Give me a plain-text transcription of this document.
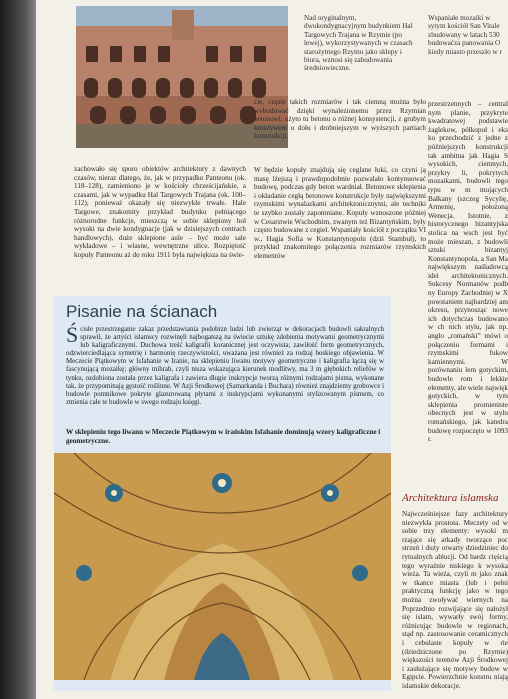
Nad oryginalnym, dwukondygnacyjnym budynkiem Hal Targowych Trajana w Rzymie (po lewej), wykorzystywanych w czasach starożytnego Rzymu jako sklepy i biura, wznosi się zabudowania średniowieczne.
Wspaniałe mozaiki w sytym kościół San Vitale zbudowany w latach 530 budowaćza panowania O kiedy miasto przeszło w r
zachowało się sporo obiektów architektury z dawnych czasów, nieraz dlatego, że, jak w przypadku Panteonu (ok. 118–128), zamieniono je w kościoły chrześcijańskie, a czasami, jak w wypadku Hal Targowych Trajana (ok. 100–112), ponieważ okazały się niezwykle trwałe. Hale Targowe, znakomity przykład budynku pełniącego różnorodne funkcje, mieszczą w sobie sklepiony hol wysoki na dwie kondygnacje (jak w dzisiejszych centrach handlowych), duże sklepione aule – być może sale wykładowe – i własne, wewnętrzne ulice. Rozpiętość kopuły Panteonu aż do roku 1911 była największa na świe-
cie, częste takich rozmiarów i tak ciemną można było wybudować dzięki wynalezionemu przez Rzymian betonowi; użyto tu betonu o różnej konsystencji, z grubym kruszywem u dołu i drobniejszym w wyższych partiach konstrukcji.
W będzie kopuły znajdują się ceglane łuki, co czyni ją masę lżejszą i prawdopodobnie pozwalało kontynuować budowę, podczas gdy beton wardniał. Betonowe sklepienia i okładanie cegłą betonowe konstrukcje były największymi rzymskimi wynalazkami architektonicznymi, ale techniki te szybko zostały zapomniane. Kopuły wznoszone później w Cesarstwie Wschodnim, zwanym też Bizantyńskim, były często budowane z cegieł. Wspaniały kościół z początku VI w., Hagia Sofia w Konstantynopolu (dziś Stambuł), to przykład znakomitego połączenia rozmiarów rzymskich elementów
przestrzennych – central nym planie, przykryte kwadratowej podstawie żaglekow, półkopuł i eks ko przechodzić z jedne z późniejszych konstrukcji tak ambitna jak Hagia S wysokich, ciemnych, przykry li, pokrytych mozaikami, budowli tego typu w m mujących Bałkany (szczeg Sycylię, Armenię, położoną Wenecja. Istotnie, z historycznego bizantyjska stolica na wsch jest być może mieszan, z budowli sztuki bizantyj Konstantynopola, a San Ma największym naśladowcą idei architektonicznych. Sukcesy Normanów podb ny Europy Zachodniej w X powstaniem najbardziej am okresu, przynosząc nowe ich dotychczas budowano w ch nich stylu, jak np. anglo „romański” mówi o połączeniu formami i rzymskimi fukow kamiennymi. W porównaniu lem gotyckim, budowle rom i lekkie elementy, ale wiele najwięk gotyckich, w tym sklepienia promieniste obecnych jest w stylu romańskiego, jak katedra budowę rozpoczęto w 1093 r.
Pisanie na ścianach
Ś cisłe przestrzeganie zakaz przedstawiania podobizn ludzi lub zwierząt w dekoracjach budowli sakralnych sprawił, że artyści islamscy rozwinęli najbogatszą na świecie sztukę zdobienia motywami geometrycznymi lub kaligraficznymi. Duchowa treść kaligrafii koranicznej jest oczywista; zawiłość form geometrycznych, odzwierciedlająca symetrię i harmonię rzeczywistości, uważana jest również za rodzaj boskiego objawienia. W Meczecie Piątkowym w Isfahanie w Iranie, na sklepieniu liwanu motywy geometryczne i kaligrafia łączą się w fascynującą mozaikę; główny mihrab, czyli nisza wskazująca kierunek modlitwy, ma 3 m głębokich reliefów w tynku, ozdobiona została przez kaligrafa i zawiera długie inskrypcje tworzą różnymi rodzajami pisma, wykonane tak, że przypominają gęstość roślinne. W Azji Środkowej (Samarkanda i Buchara) również znajdziemy grobowce i budowle pomnikowe pokryte glazurowaną płytami z inskrypcjami wykonanymi stylizowanym pismem, co zmienia całe te budowle w swego rodzaju księgi.
W sklepieniu tego liwanu w Meczecie Piątkowym w irańskim Isfahanie dominują wzory kaligraficzne i geometryczne.
Architektura islamska
Najwcześniejsze fazy architektury niezwykła prostota. Meczety od w sobie trzy elementy: wysoki m rzające się arkady tworzące poc strzeń i duży otwarty dziedziniec do rytualnych ablucji. Od bardz cięścią tego wyraźnie niskiego k wysoka wieża. Ta wieża, czyli m jako znak w tkance miasta (lub i pełni praktyczną funkcję jako w tego można zwoływać wiernych na Poprzednio rozwijające się nałożył się islam, wywarły swój formy, różnicując budowle w regionach, stąd np. zastosowanie ceramicznych i cebulaste kopuły w rie (dziedziczone po Rzymie) większości terenów Azji Środkowej i zasłużające się motywy budow w Egipcie. Powierzchnie konstru niają islamskie dekoracje.
